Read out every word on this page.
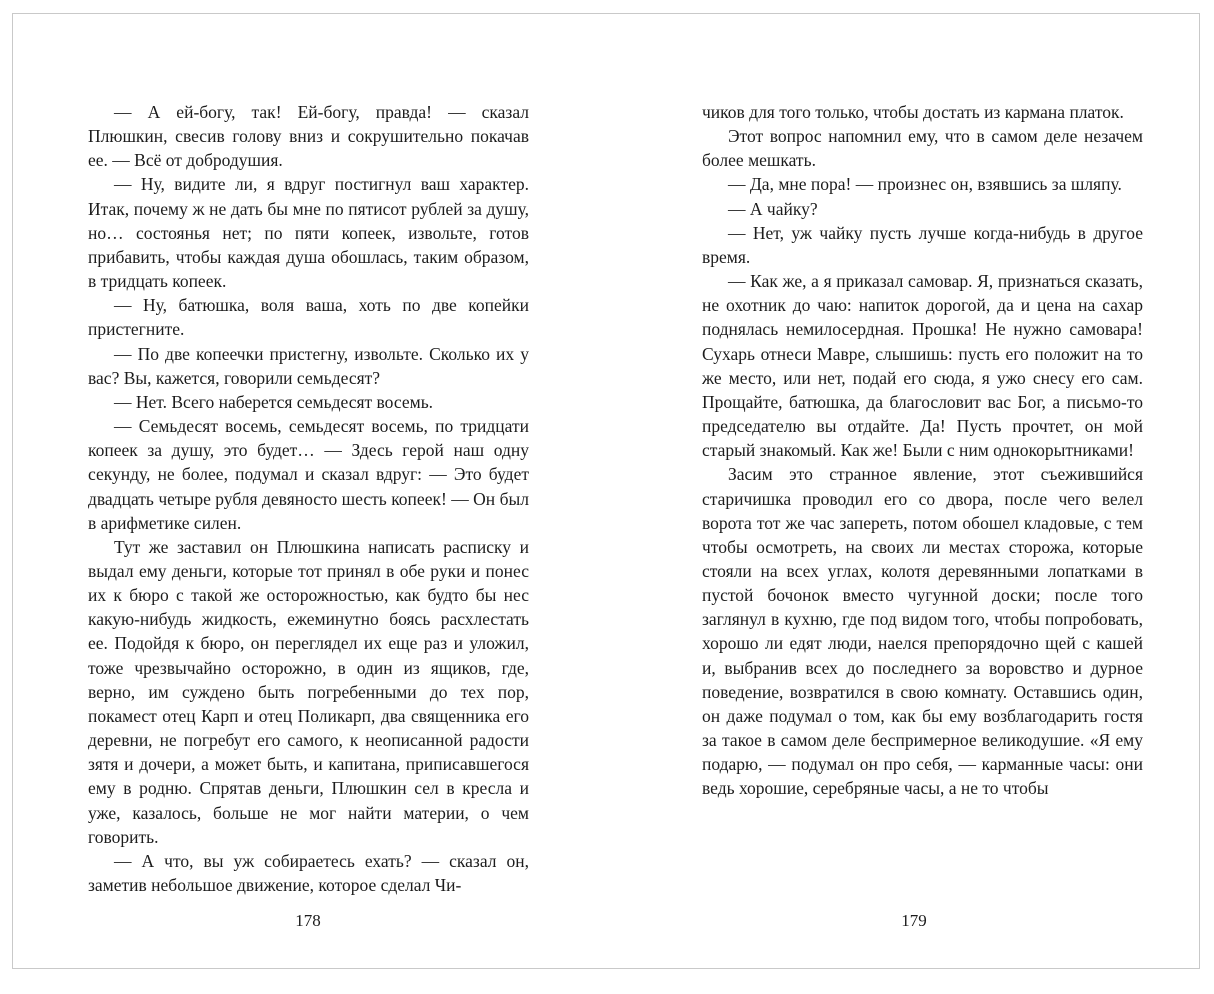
— А ей-богу, так! Ей-богу, правда! — сказал Плюшкин, свесив голову вниз и сокрушительно покачав ее. — Всё от добродушия.

— Ну, видите ли, я вдруг постигнул ваш характер. Итак, почему ж не дать бы мне по пятисот рублей за душу, но… состоянья нет; по пяти копеек, извольте, готов прибавить, чтобы каждая душа обошлась, таким образом, в тридцать копеек.

— Ну, батюшка, воля ваша, хоть по две копейки пристегните.

— По две копеечки пристегну, извольте. Сколько их у вас? Вы, кажется, говорили семьдесят?

— Нет. Всего наберется семьдесят восемь.

— Семьдесят восемь, семьдесят восемь, по тридцати копеек за душу, это будет… — Здесь герой наш одну секунду, не более, подумал и сказал вдруг: — Это будет двадцать четыре рубля девяносто шесть копеек! — Он был в арифметике силен.

Тут же заставил он Плюшкина написать расписку и выдал ему деньги, которые тот принял в обе руки и понес их к бюро с такой же осторожностью, как будто бы нес какую-нибудь жидкость, ежеминутно боясь расхлестать ее. Подойдя к бюро, он переглядел их еще раз и уложил, тоже чрезвычайно осторожно, в один из ящиков, где, верно, им суждено быть погребенными до тех пор, покамест отец Карп и отец Поликарп, два священника его деревни, не погребут его самого, к неописанной радости зятя и дочери, а может быть, и капитана, приписавшегося ему в родню. Спрятав деньги, Плюшкин сел в кресла и уже, казалось, больше не мог найти материи, о чем говорить.

— А что, вы уж собираетесь ехать? — сказал он, заметив небольшое движение, которое сделал Чи-

178

чиков для того только, чтобы достать из кармана платок.

Этот вопрос напомнил ему, что в самом деле незачем более мешкать.

— Да, мне пора! — произнес он, взявшись за шляпу.

— А чайку?

— Нет, уж чайку пусть лучше когда-нибудь в другое время.

— Как же, а я приказал самовар. Я, признаться сказать, не охотник до чаю: напиток дорогой, да и цена на сахар поднялась немилосердная. Прошка! Не нужно самовара! Сухарь отнеси Мавре, слышишь: пусть его положит на то же место, или нет, подай его сюда, я ужо снесу его сам. Прощайте, батюшка, да благословит вас Бог, а письмо-то председателю вы отдайте. Да! Пусть прочтет, он мой старый знакомый. Как же! Были с ним однокорытниками!

Засим это странное явление, этот съежившийся старичишка проводил его со двора, после чего велел ворота тот же час запереть, потом обошел кладовые, с тем чтобы осмотреть, на своих ли местах сторожа, которые стояли на всех углах, колотя деревянными лопатками в пустой бочонок вместо чугунной доски; после того заглянул в кухню, где под видом того, чтобы попробовать, хорошо ли едят люди, наелся препорядочно щей с кашей и, выбранив всех до последнего за воровство и дурное поведение, возвратился в свою комнату. Оставшись один, он даже подумал о том, как бы ему возблагодарить гостя за такое в самом деле беспримерное великодушие. «Я ему подарю, — подумал он про себя, — карманные часы: они ведь хорошие, серебряные часы, а не то чтобы

179
